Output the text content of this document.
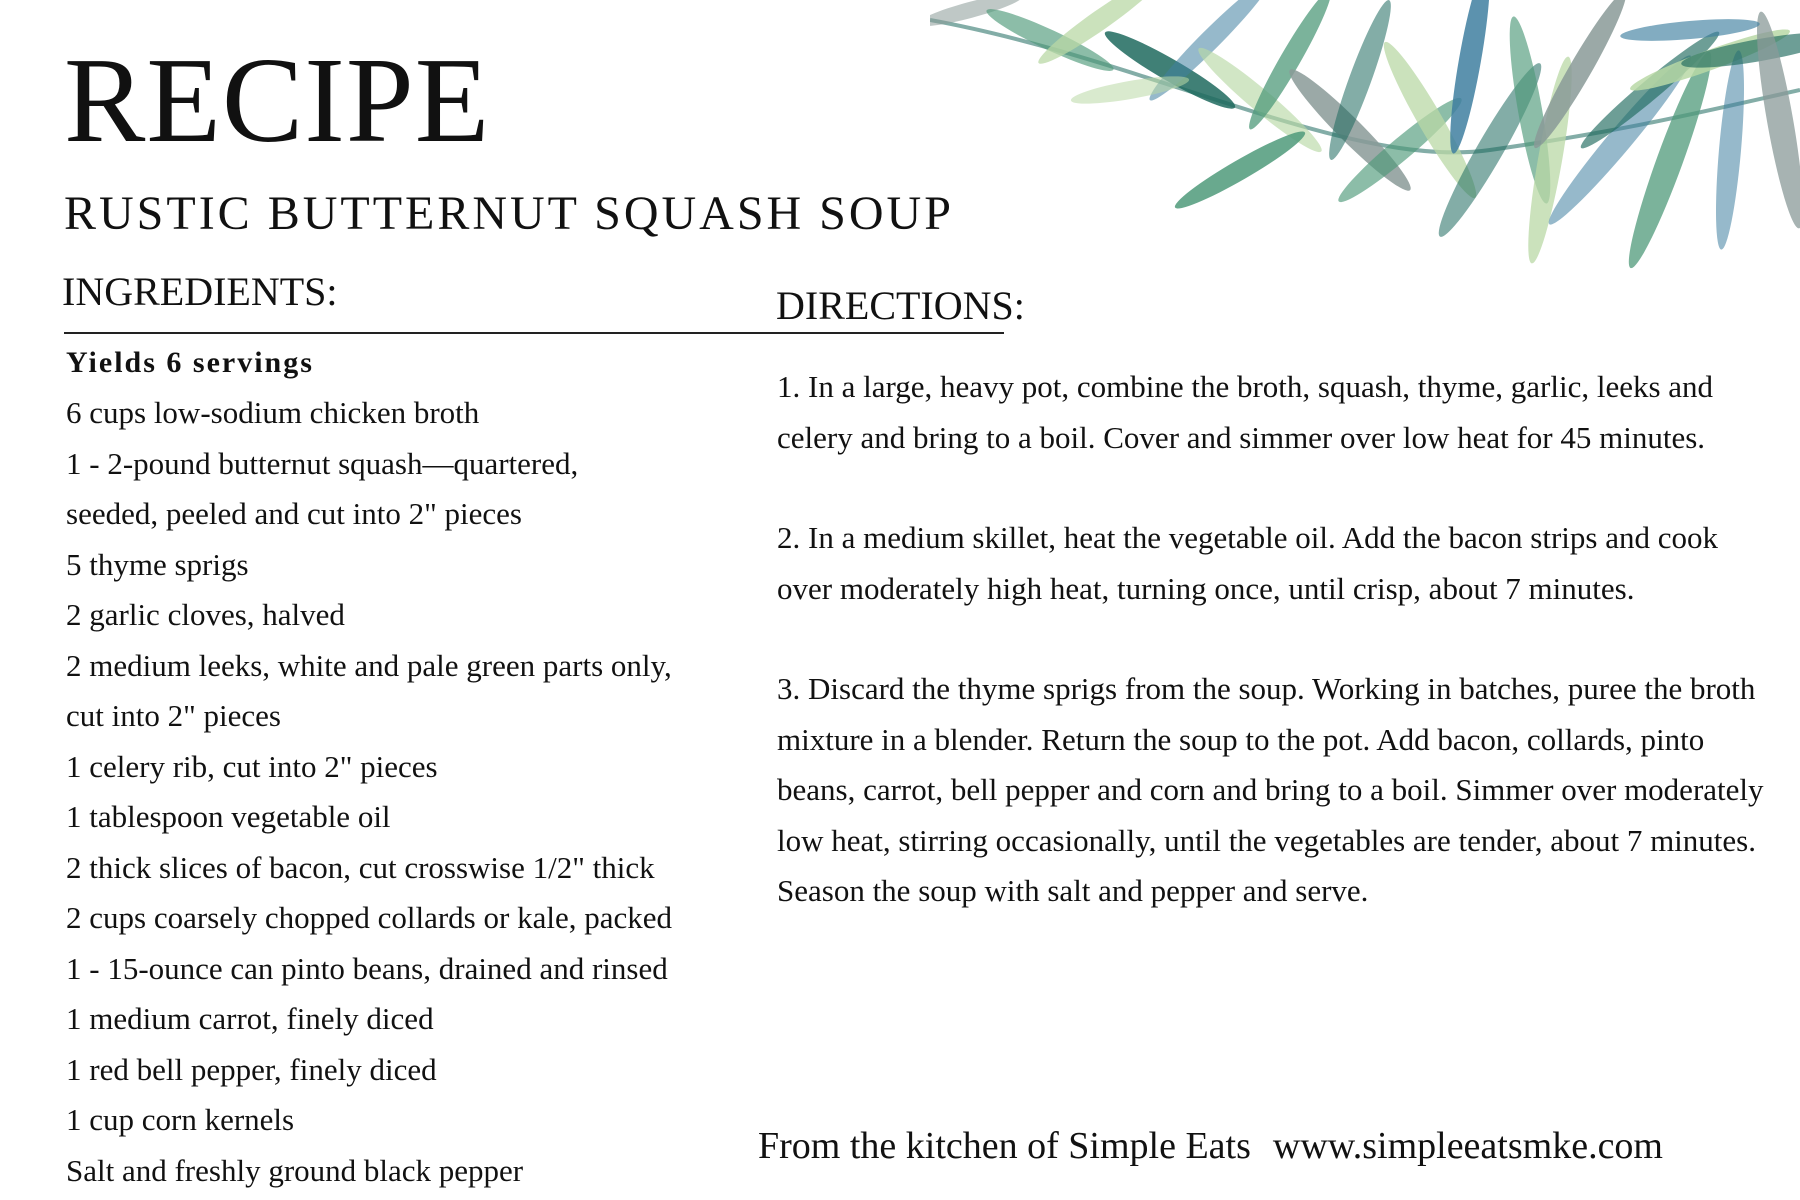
RECIPE
RUSTIC BUTTERNUT SQUASH SOUP
INGREDIENTS:

Yields 6 servings

6 cups low-sodium chicken broth
1 - 2-pound butternut squash—quartered,
seeded, peeled and cut into 2" pieces
5 thyme sprigs
2 garlic cloves, halved
2 medium leeks, white and pale green parts only,
cut into 2" pieces
1 celery rib, cut into 2" pieces
1 tablespoon vegetable oil
2 thick slices of bacon, cut crosswise 1/2" thick
2 cups coarsely chopped collards or kale, packed
1 - 15-ounce can pinto beans, drained and rinsed
1 medium carrot, finely diced
1 red bell pepper, finely diced
1 cup corn kernels
Salt and freshly ground black pepper
DIRECTIONS:

1. In a large, heavy pot, combine the broth, squash, thyme, garlic, leeks and celery and bring to a boil. Cover and simmer over low heat for 45 minutes.

2. In a medium skillet, heat the vegetable oil. Add the bacon strips and cook over moderately high heat, turning once, until crisp, about 7 minutes.

3. Discard the thyme sprigs from the soup. Working in batches, puree the broth mixture in a blender. Return the soup to the pot. Add bacon, collards, pinto beans, carrot, bell pepper and corn and bring to a boil. Simmer over moderately low heat, stirring occasionally, until the vegetables are tender, about 7 minutes. Season the soup with salt and pepper and serve.

From the kitchen of Simple Eats www.simpleeatsmke.com
